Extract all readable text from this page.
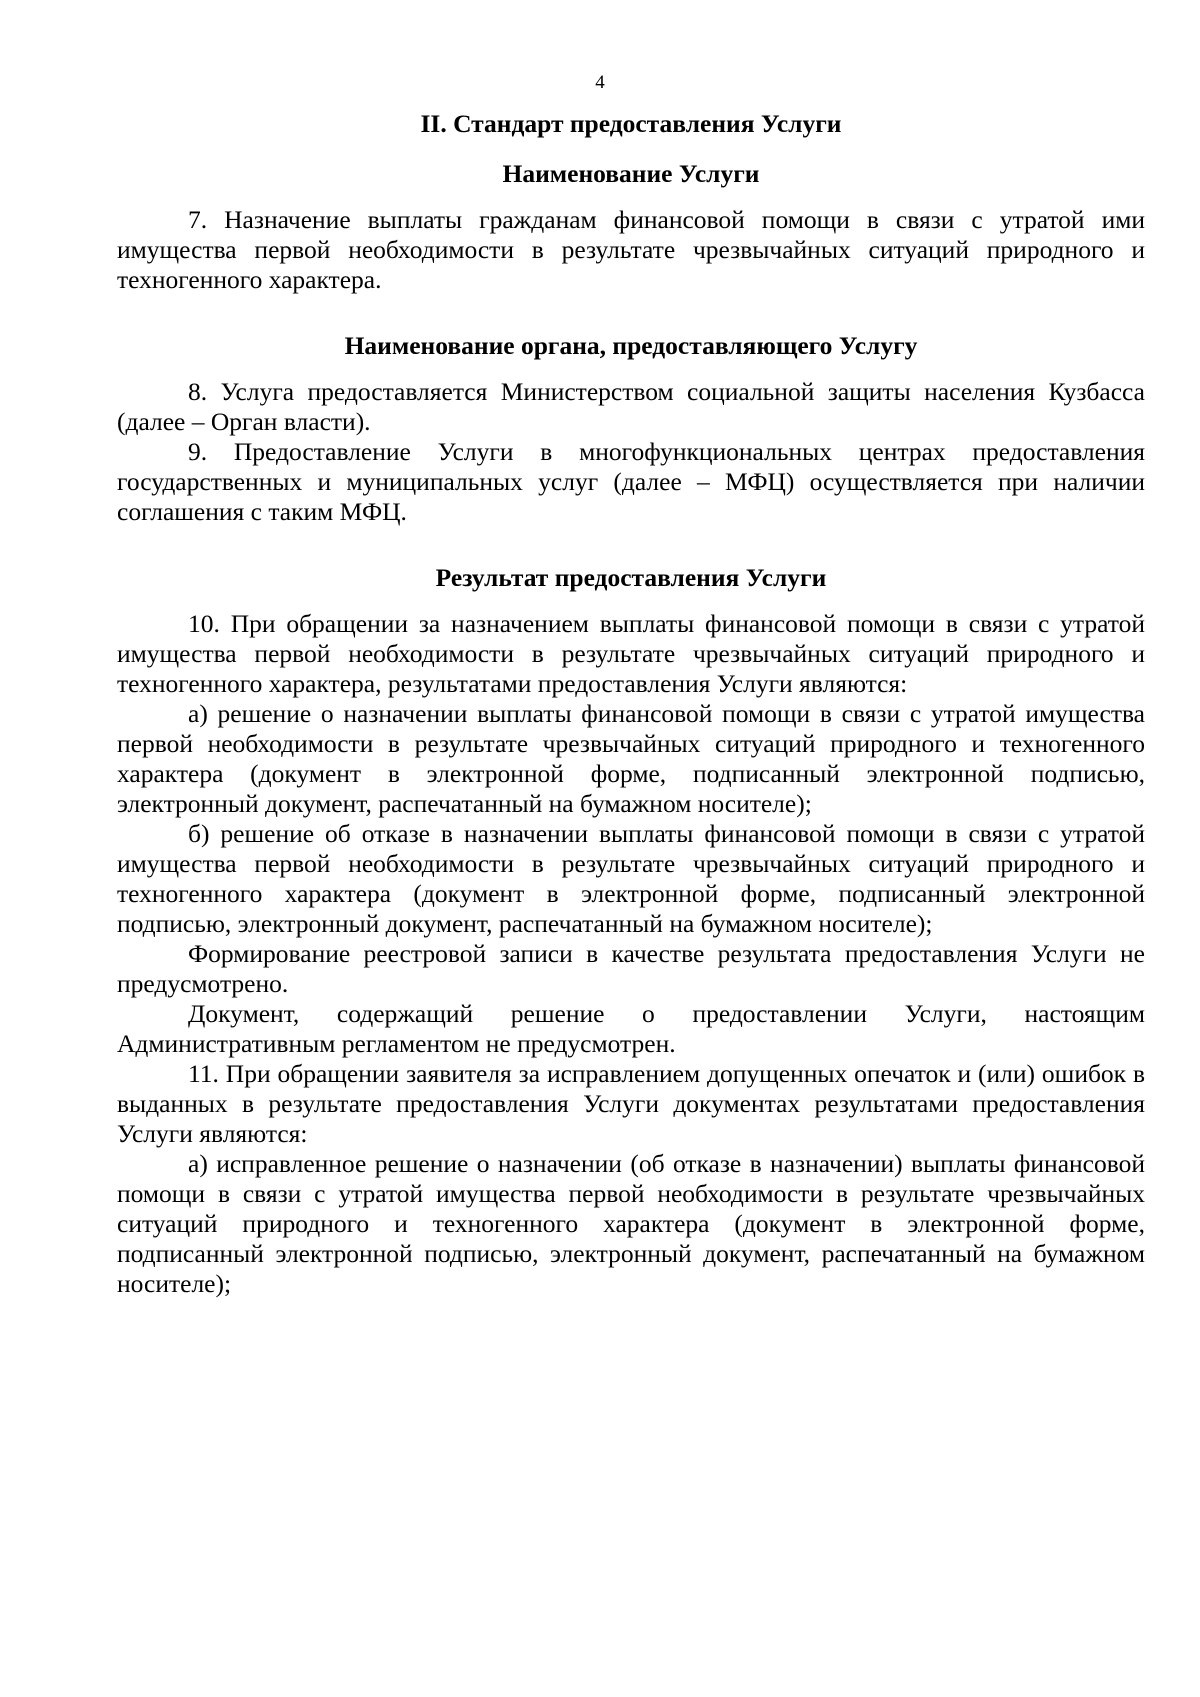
4
II. Стандарт предоставления Услуги
Наименование Услуги

7. Назначение выплаты гражданам финансовой помощи в связи с утратой ими имущества первой необходимости в результате чрезвычайных ситуаций природного и техногенного характера.

Наименование органа, предоставляющего Услугу

8. Услуга предоставляется Министерством социальной защиты населения Кузбасса (далее – Орган власти).

9. Предоставление Услуги в многофункциональных центрах предоставления государственных и муниципальных услуг (далее – МФЦ) осуществляется при наличии соглашения с таким МФЦ.

Результат предоставления Услуги

10. При обращении за назначением выплаты финансовой помощи в связи с утратой имущества первой необходимости в результате чрезвычайных ситуаций природного и техногенного характера, результатами предоставления Услуги являются:

а) решение о назначении выплаты финансовой помощи в связи с утратой имущества первой необходимости в результате чрезвычайных ситуаций природного и техногенного характера (документ в электронной форме, подписанный электронной подписью, электронный документ, распечатанный на бумажном носителе);

б) решение об отказе в назначении выплаты финансовой помощи в связи с утратой имущества первой необходимости в результате чрезвычайных ситуаций природного и техногенного характера (документ в электронной форме, подписанный электронной подписью, электронный документ, распечатанный на бумажном носителе);

Формирование реестровой записи в качестве результата предоставления Услуги не предусмотрено.

Документ, содержащий решение о предоставлении Услуги, настоящим Административным регламентом не предусмотрен.

11. При обращении заявителя за исправлением допущенных опечаток и (или) ошибок в выданных в результате предоставления Услуги документах результатами предоставления Услуги являются:

а) исправленное решение о назначении (об отказе в назначении) выплаты финансовой помощи в связи с утратой имущества первой необходимости в результате чрезвычайных ситуаций природного и техногенного характера (документ в электронной форме, подписанный электронной подписью, электронный документ, распечатанный на бумажном носителе);
